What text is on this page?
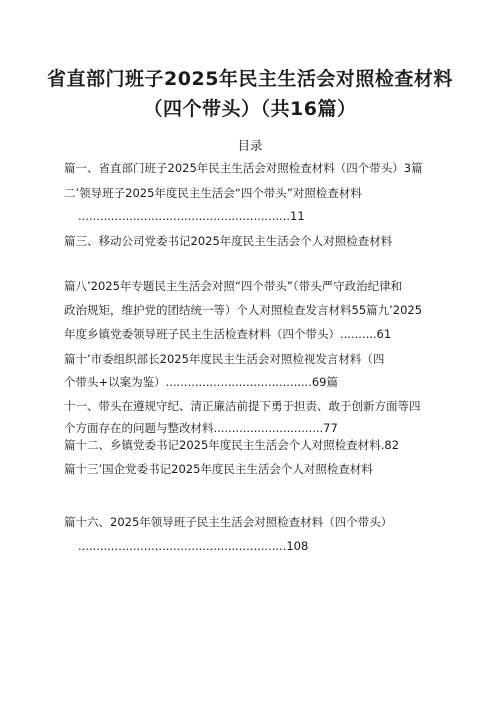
省直部门班子2025年民主生活会对照检查材料
（四个带头）（共16篇）
目录
篇一、省直部门班子2025年民主生活会对照检查材料（四个带头）3篇
二’领导班子2025年度民主生活会“四个带头”对照检查材料
..........................................................11
篇三、移动公司党委书记2025年度民主生活会个人对照检查材料
篇八’2025年专题民主生活会对照“四个带头”（带头严守政治纪律和
政治规矩，维护党的团结统一等）个人对照检查发言材料55篇九’2025
年度乡镇党委领导班子民主生活检查材料（四个带头）..........61
篇十’市委组织部长2025年度民主生活会对照检视发言材料（四
个带头+以案为鉴）........................................69篇
十一、带头在遵规守纪、清正廉洁前提下勇于担责、敢于创新方面等四
个方面存在的问题与整改材料..............................77
篇十二、乡镇党委书记2025年度民主生活会个人对照检查材料.82
篇十三’国企党委书记2025年度民主生活会个人对照检查材料
篇十六、2025年领导班子民主生活会对照检查材料（四个带头）
.........................................................108
